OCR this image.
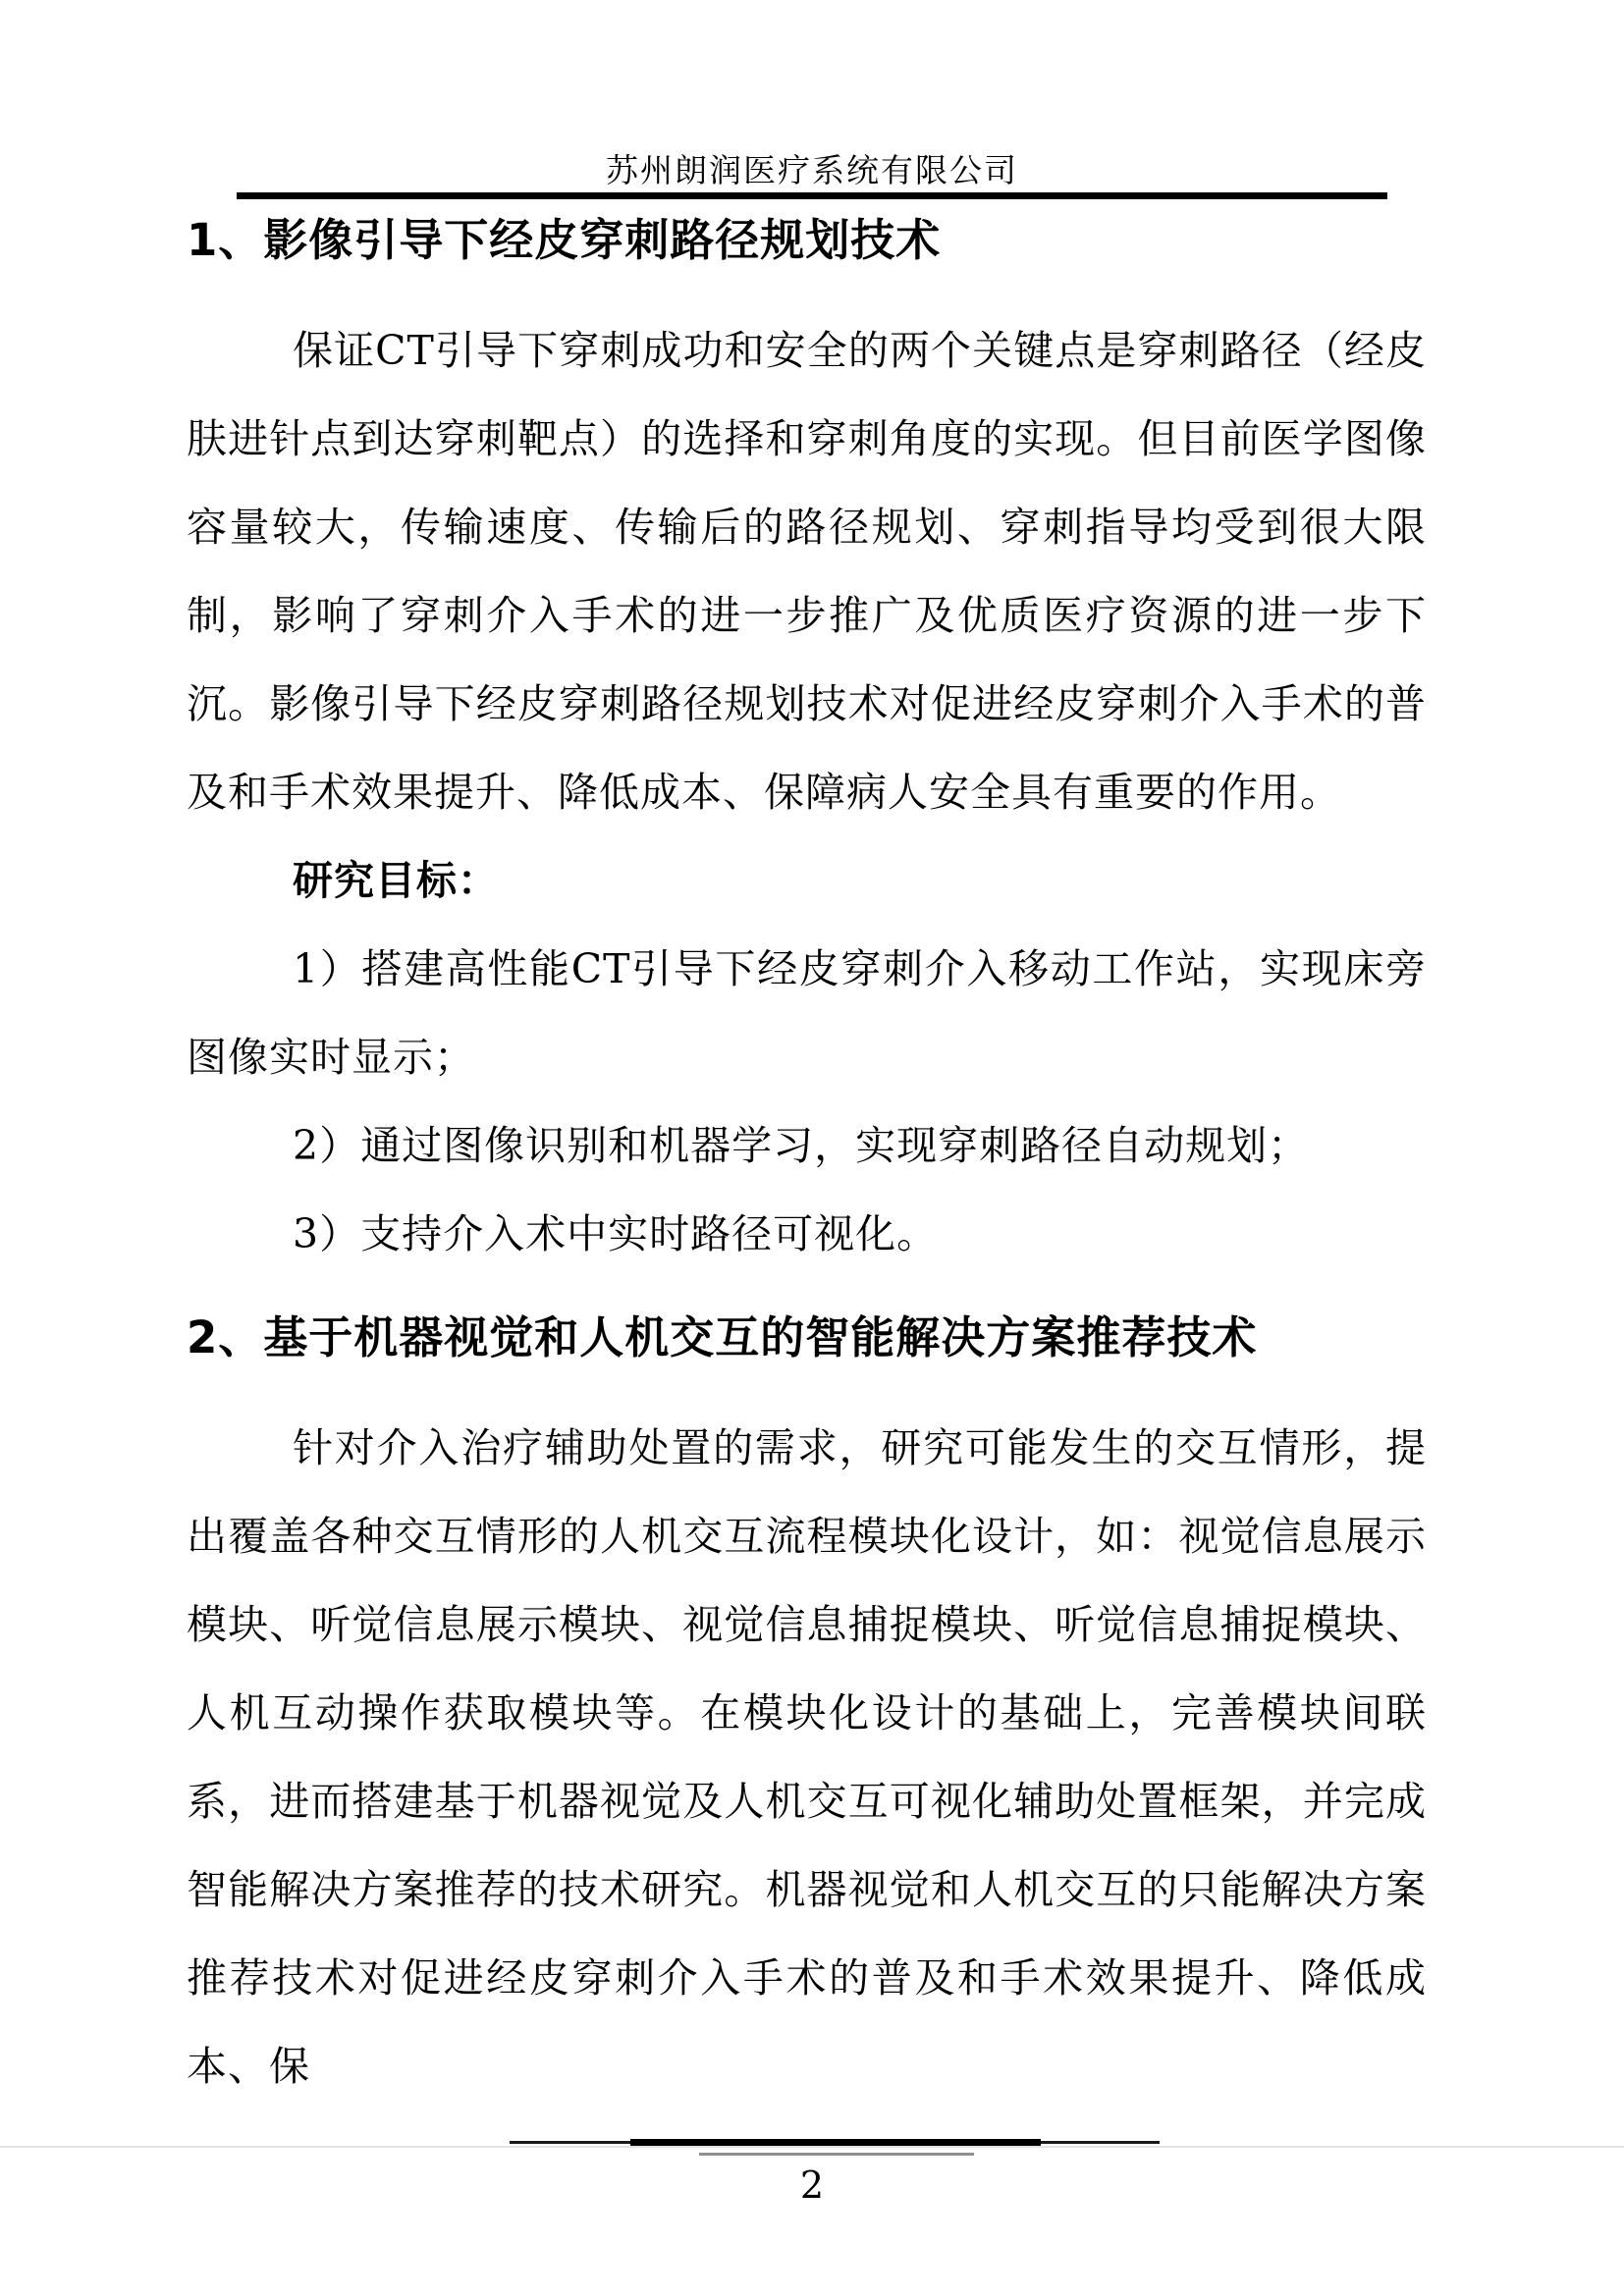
苏州朗润医疗系统有限公司
1、影像引导下经皮穿刺路径规划技术

保证CT引导下穿刺成功和安全的两个关键点是穿刺路径（经皮肤进针点到达穿刺靶点）的选择和穿刺角度的实现。但目前医学图像容量较大，传输速度、传输后的路径规划、穿刺指导均受到很大限制，影响了穿刺介入手术的进一步推广及优质医疗资源的进一步下沉。影像引导下经皮穿刺路径规划技术对促进经皮穿刺介入手术的普及和手术效果提升、降低成本、保障病人安全具有重要的作用。

研究目标：

1）搭建高性能CT引导下经皮穿刺介入移动工作站，实现床旁图像实时显示；

2）通过图像识别和机器学习，实现穿刺路径自动规划；

3）支持介入术中实时路径可视化。

2、基于机器视觉和人机交互的智能解决方案推荐技术

针对介入治疗辅助处置的需求，研究可能发生的交互情形，提出覆盖各种交互情形的人机交互流程模块化设计，如：视觉信息展示模块、听觉信息展示模块、视觉信息捕捉模块、听觉信息捕捉模块、人机互动操作获取模块等。在模块化设计的基础上，完善模块间联系，进而搭建基于机器视觉及人机交互可视化辅助处置框架，并完成智能解决方案推荐的技术研究。机器视觉和人机交互的只能解决方案推荐技术对促进经皮穿刺介入手术的普及和手术效果提升、降低成本、保

2
